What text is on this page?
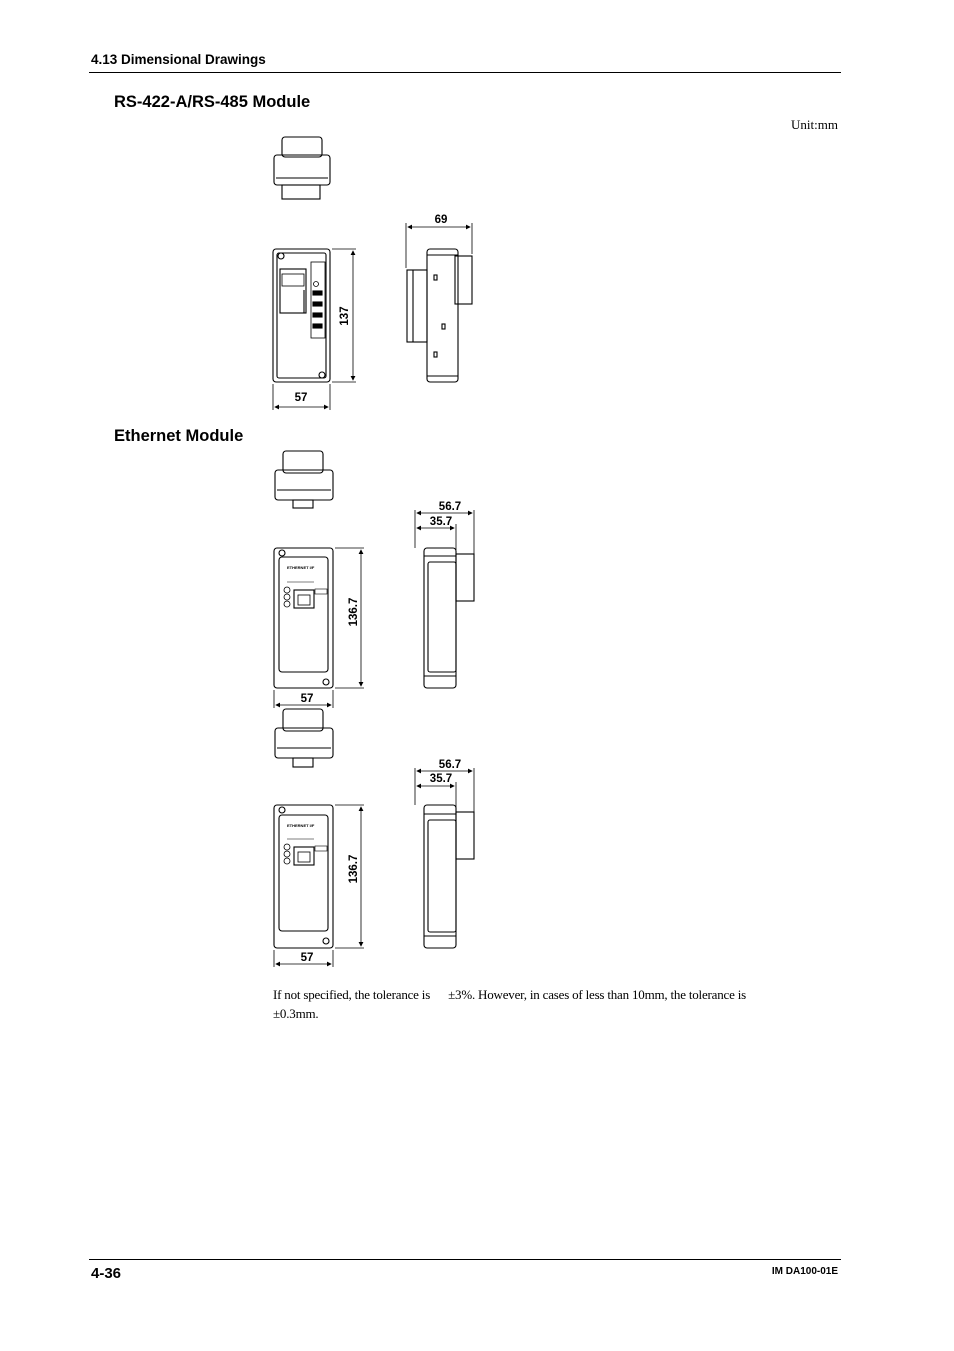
4.13 Dimensional Drawings
RS-422-A/RS-485 Module
Unit:mm
Ethernet Module
137
57
69
ETHERNET I/F
136.7
57
56.7
35.7
ETHERNET I/F
136.7
57
56.7
35.7
If not specified, the tolerance is ±3%. However, in cases of less than 10mm, the tolerance is
±0.3mm.
4-36	IM DA100-01E
